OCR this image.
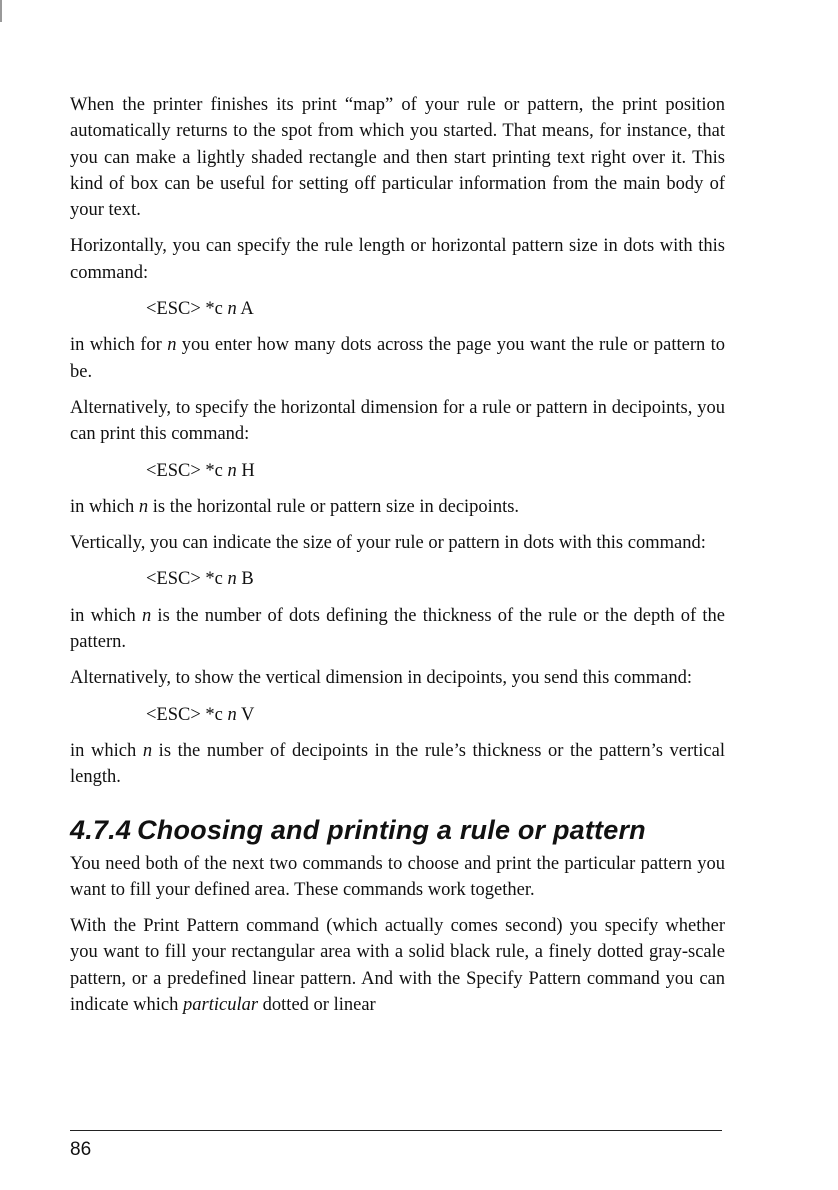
When the printer finishes its print “map” of your rule or pattern, the print position automatically returns to the spot from which you started. That means, for instance, that you can make a lightly shaded rectangle and then start printing text right over it. This kind of box can be useful for setting off particular information from the main body of your text.

Horizontally, you can specify the rule length or horizontal pattern size in dots with this command:

<ESC> *c n A

in which for n you enter how many dots across the page you want the rule or pattern to be.

Alternatively, to specify the horizontal dimension for a rule or pattern in decipoints, you can print this command:

<ESC> *c n H

in which n is the horizontal rule or pattern size in decipoints.

Vertically, you can indicate the size of your rule or pattern in dots with this command:

<ESC> *c n B

in which n is the number of dots defining the thickness of the rule or the depth of the pattern.

Alternatively, to show the vertical dimension in decipoints, you send this command:

<ESC> *c n V

in which n is the number of decipoints in the rule’s thickness or the pattern’s vertical length.

4.7.4 Choosing and printing a rule or pattern

You need both of the next two commands to choose and print the particular pattern you want to fill your defined area. These commands work together.

With the Print Pattern command (which actually comes second) you specify whether you want to fill your rectangular area with a solid black rule, a finely dotted gray-scale pattern, or a predefined linear pattern. And with the Specify Pattern command you can indicate which particular dotted or linear

86
